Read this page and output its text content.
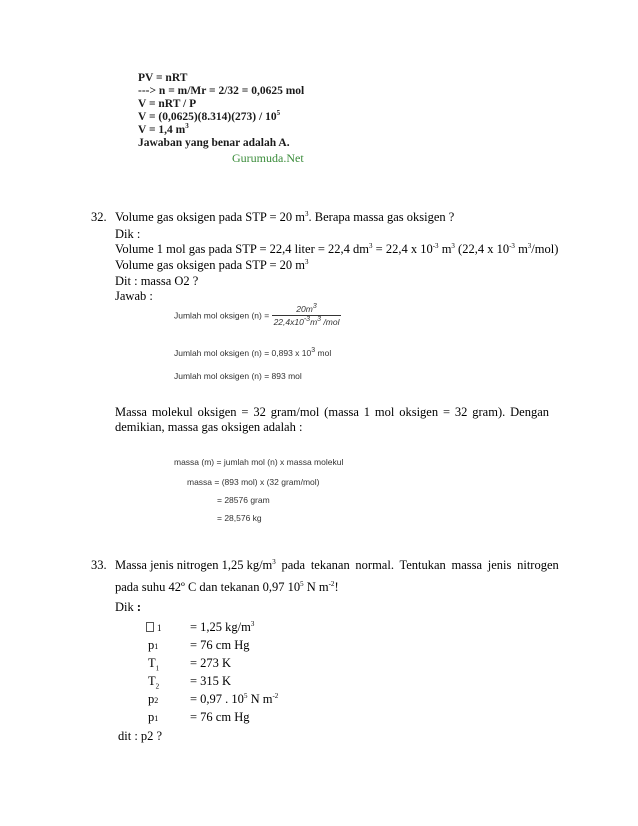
PV = nRT
---> n = m/Mr = 2/32 = 0,0625 mol
V = nRT / P
$V = (0,0625)(8.314)(273) / 10^5$
V = 1,4 $m^3$
Jawaban yang benar adalah A.
Gurumuda.Net
32. Volume gas oksigen pada STP = 20 $m^3$. Berapa massa gas oksigen ?
Dik :
Volume 1 mol gas pada STP = 22,4 liter = 22,4 $dm^3 = 22,4$ x $10^{-3}$ $m^3$ (22,4 x $10^{-3}$ $m^3/mol$)
Volume gas oksigen pada STP = 20 $m^3$
Dit : massa O2 ?
Jawab :
Jumlah mol oksigen $(n) = \frac{20m^3}{22,4x10^{-3}m^3 /mol}$
Jumlah mol oksigen (n) = 0,893 x $10^3$ mol
Jumlah mol oksigen (n) = 893 mol
Massa molekul oksigen = 32 gram/mol (massa 1 mol oksigen = 32 gram). Dengan demikian, massa gas oksigen adalah :
massa (m) = jumlah mol (n) x massa molekul
massa = (893 mol) x (32 gram/mol)
= 28576 gram
= 28,576 kg
33. Massa jenis nitrogen 1,25 $kg/m^3$ pada tekanan normal. Tentukan massa jenis nitrogen
pada suhu 42º C dan tekanan 0,97 $10^5$ N $m^{-2}$!
Dik :
1 = 1,25 $kg/m^3$
p1	= 76 cm Hg
$T_1 = 273$ K
$T_2 = 315$ K
p2	= 0,97 . $10^5$ N $m^{-2}$
p1	= 76 cm Hg
dit : p2 ?
